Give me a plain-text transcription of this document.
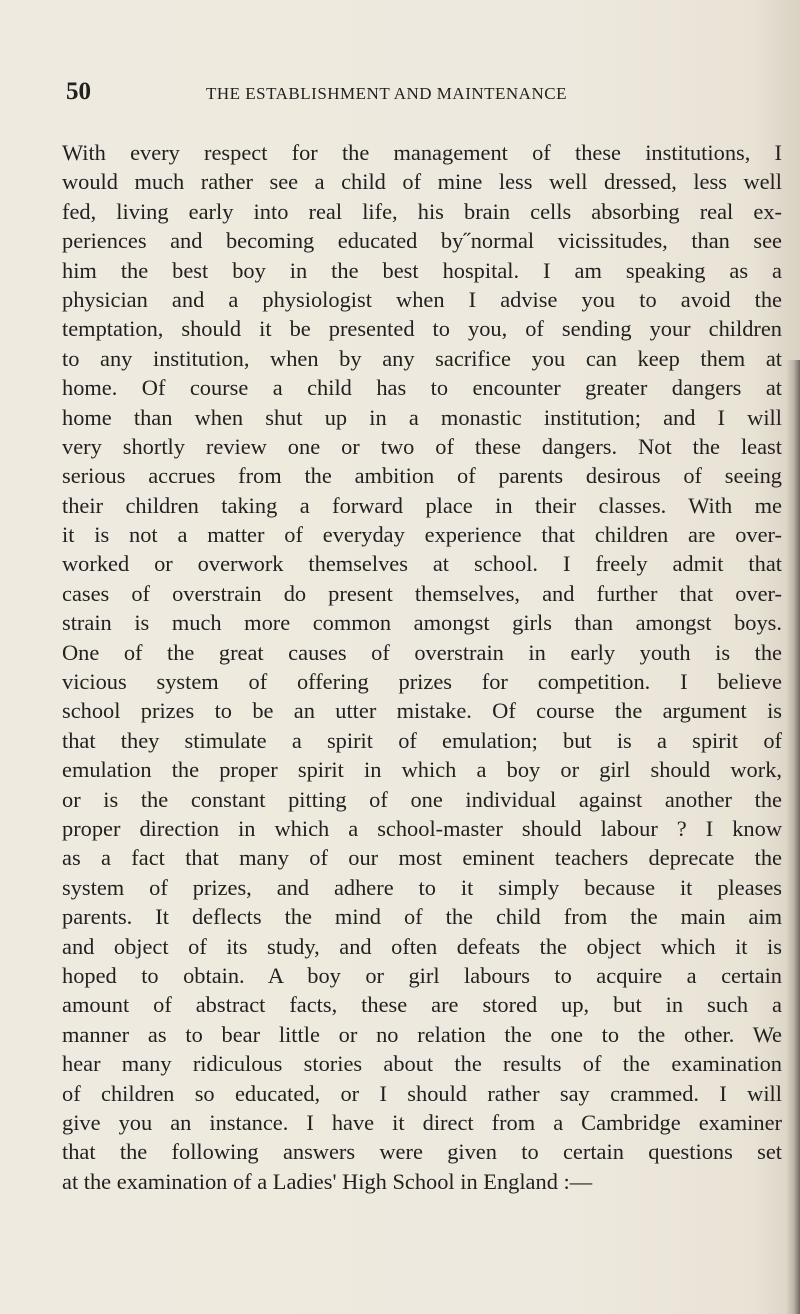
50	THE ESTABLISHMENT AND MAINTENANCE
With every respect for the management of these institutions, I
would much rather see a child of mine less well dressed, less well
fed, living early into real life, his brain cells absorbing real ex-
periences and becoming educated by˝normal vicissitudes, than see
him the best boy in the best hospital. I am speaking as a
physician and a physiologist when I advise you to avoid the
temptation, should it be presented to you, of sending your children
to any institution, when by any sacrifice you can keep them at
home. Of course a child has to encounter greater dangers at
home than when shut up in a monastic institution; and I will
very shortly review one or two of these dangers. Not the least
serious accrues from the ambition of parents desirous of seeing
their children taking a forward place in their classes. With me
it is not a matter of everyday experience that children are over-
worked or overwork themselves at school. I freely admit that
cases of overstrain do present themselves, and further that over-
strain is much more common amongst girls than amongst boys.
One of the great causes of overstrain in early youth is the
vicious system of offering prizes for competition. I believe
school prizes to be an utter mistake. Of course the argument is
that they stimulate a spirit of emulation; but is a spirit of
emulation the proper spirit in which a boy or girl should work,
or is the constant pitting of one individual against another the
proper direction in which a school-master should labour ? I know
as a fact that many of our most eminent teachers deprecate the
system of prizes, and adhere to it simply because it pleases
parents. It deflects the mind of the child from the main aim
and object of its study, and often defeats the object which it is
hoped to obtain. A boy or girl labours to acquire a certain
amount of abstract facts, these are stored up, but in such a
manner as to bear little or no relation the one to the other. We
hear many ridiculous stories about the results of the examination
of children so educated, or I should rather say crammed. I will
give you an instance. I have it direct from a Cambridge examiner
that the following answers were given to certain questions set
at the examination of a Ladies' High School in England :—
